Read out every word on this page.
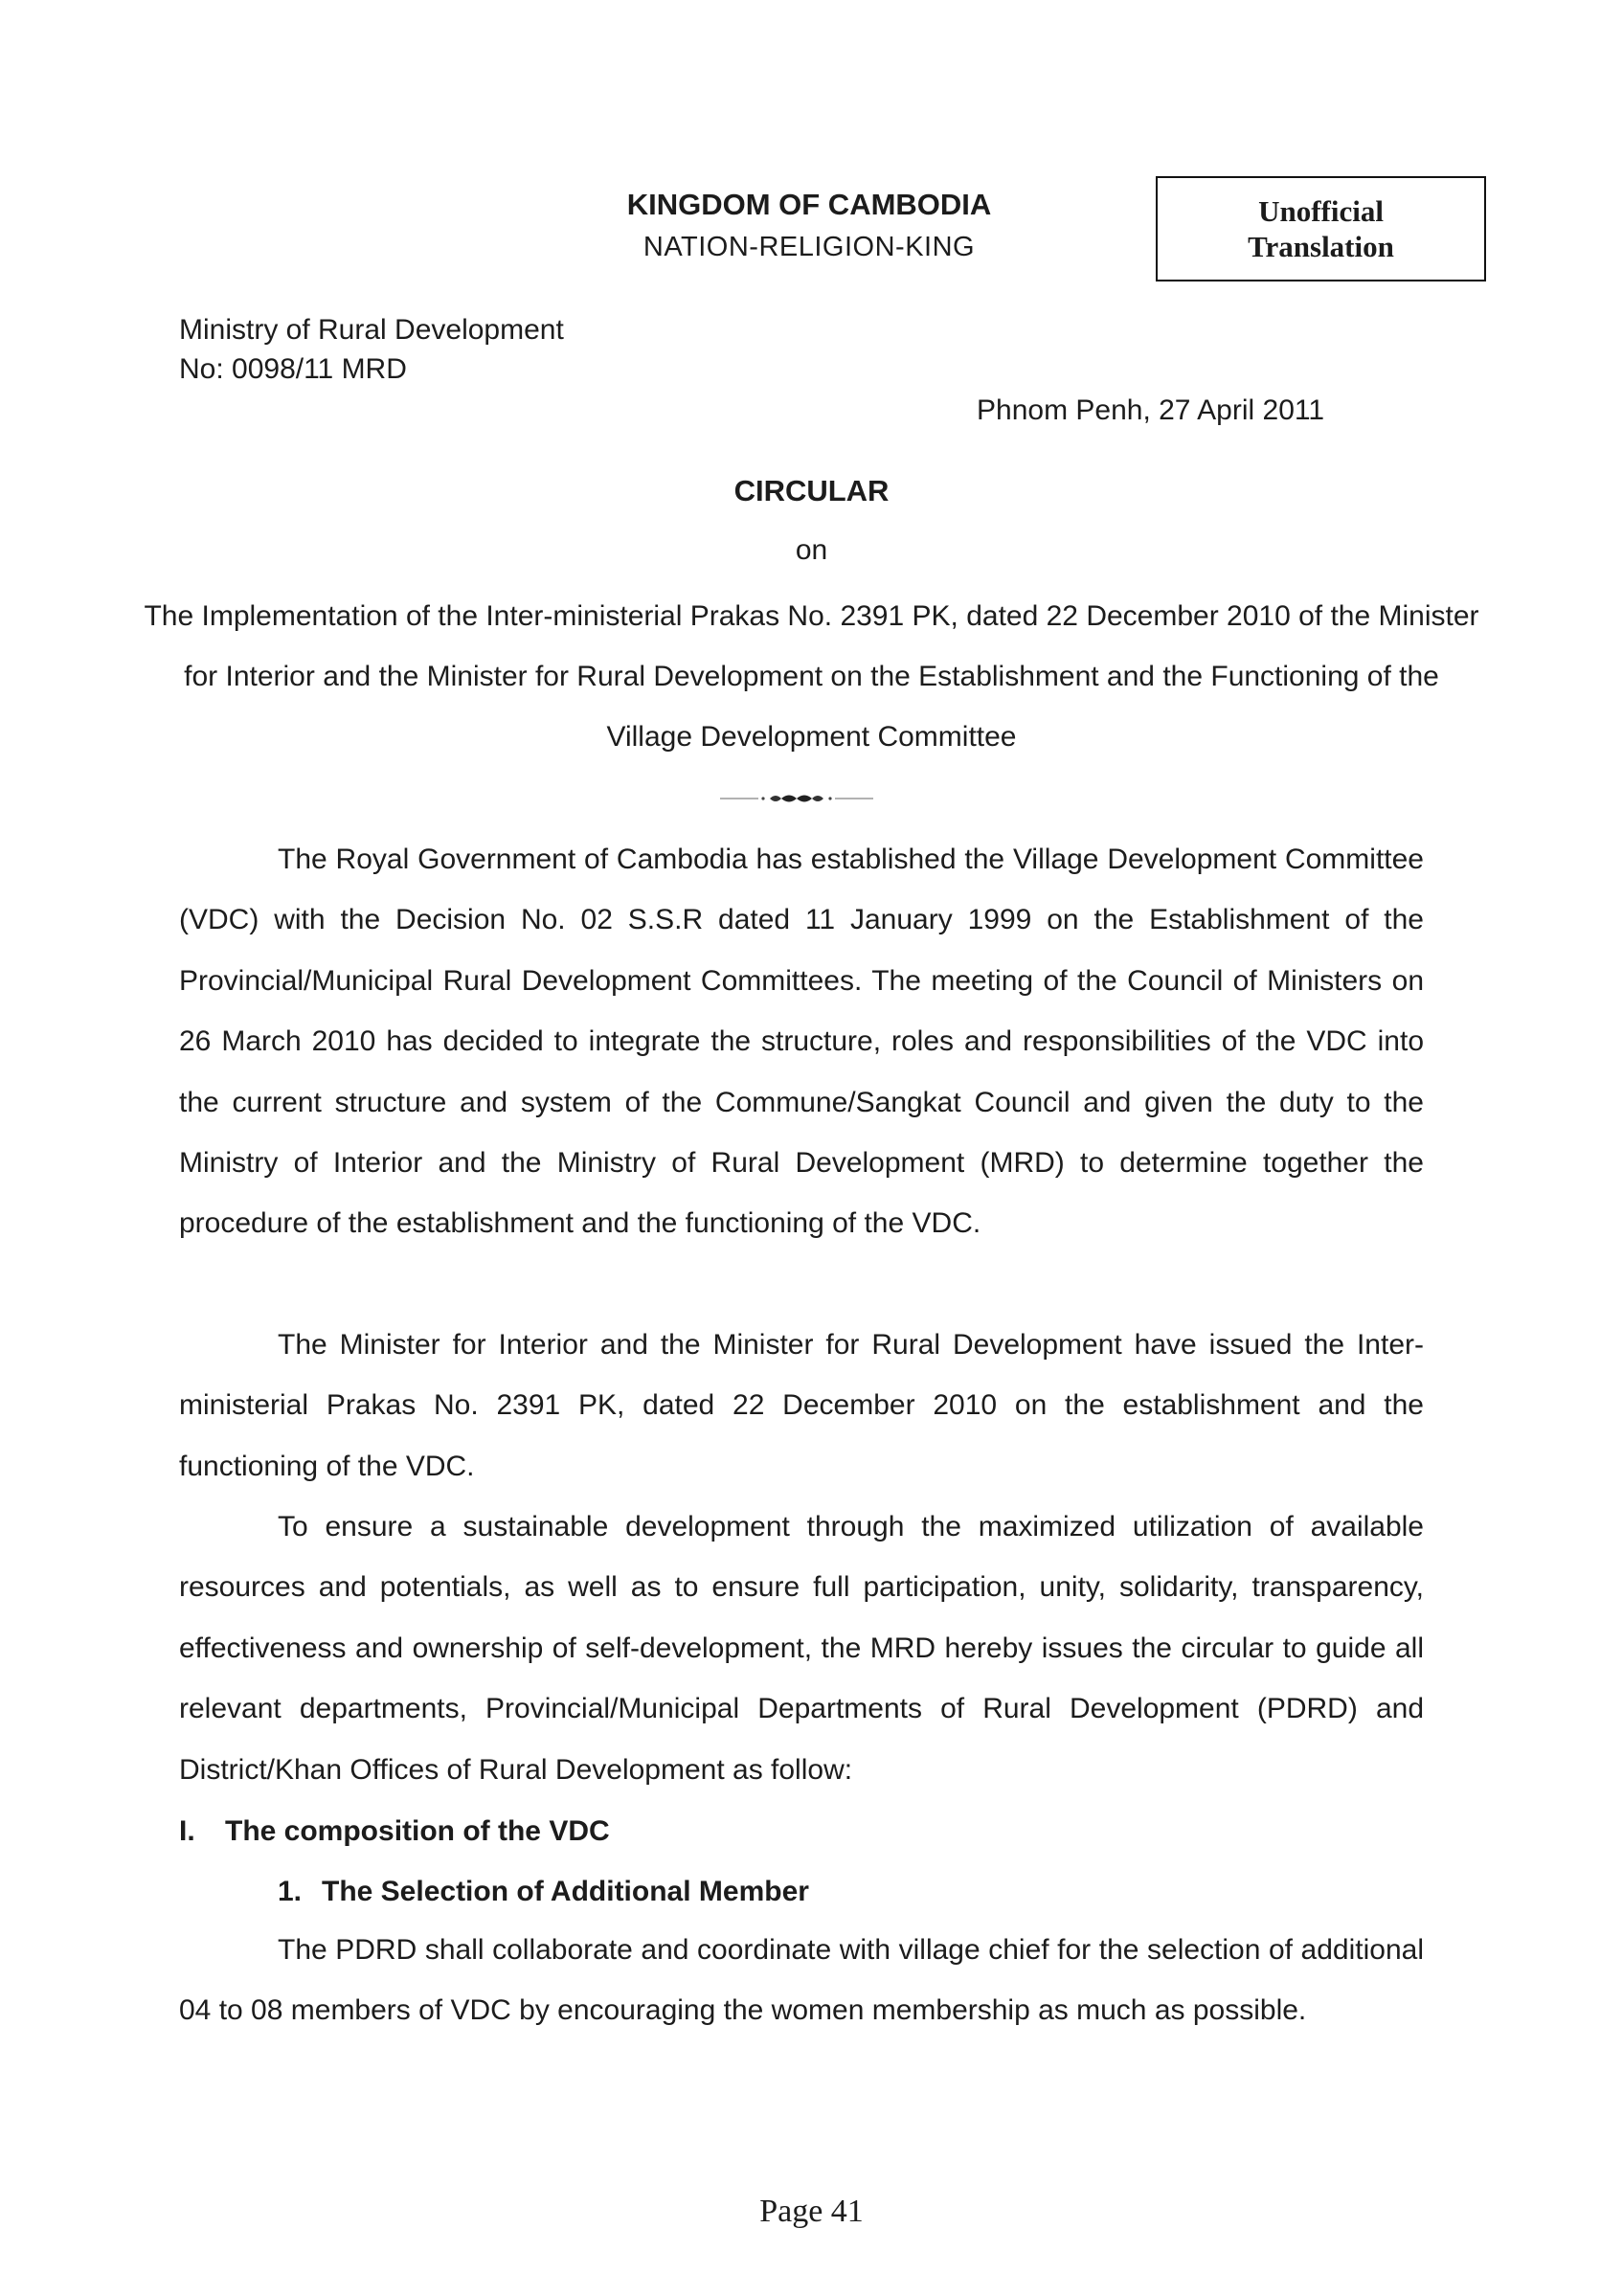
KINGDOM OF CAMBODIA
NATION-RELIGION-KING
Unofficial
Translation
Ministry of Rural Development
No: 0098/11 MRD
Phnom Penh, 27 April 2011
CIRCULAR
on
The Implementation of the Inter-ministerial Prakas No. 2391 PK, dated 22 December 2010 of the Minister for Interior and the Minister for Rural Development on the Establishment and the Functioning of the Village Development Committee
The Royal Government of Cambodia has established the Village Development Committee (VDC) with the Decision No. 02 S.S.R dated 11 January 1999 on the Establishment of the Provincial/Municipal Rural Development Committees. The meeting of the Council of Ministers on 26 March 2010 has decided to integrate the structure, roles and responsibilities of the VDC into the current structure and system of the Commune/Sangkat Council and given the duty to the Ministry of Interior and the Ministry of Rural Development (MRD) to determine together the procedure of the establishment and the functioning of the VDC.
The Minister for Interior and the Minister for Rural Development have issued the Inter-ministerial Prakas No. 2391 PK, dated 22 December 2010 on the establishment and the functioning of the VDC.
To ensure a sustainable development through the maximized utilization of available resources and potentials, as well as to ensure full participation, unity, solidarity, transparency, effectiveness and ownership of self-development, the MRD hereby issues the circular to guide all relevant departments, Provincial/Municipal Departments of Rural Development (PDRD) and District/Khan Offices of Rural Development as follow:
I. The composition of the VDC
1. The Selection of Additional Member
The PDRD shall collaborate and coordinate with village chief for the selection of additional 04 to 08 members of VDC by encouraging the women membership as much as possible.
Page 41
